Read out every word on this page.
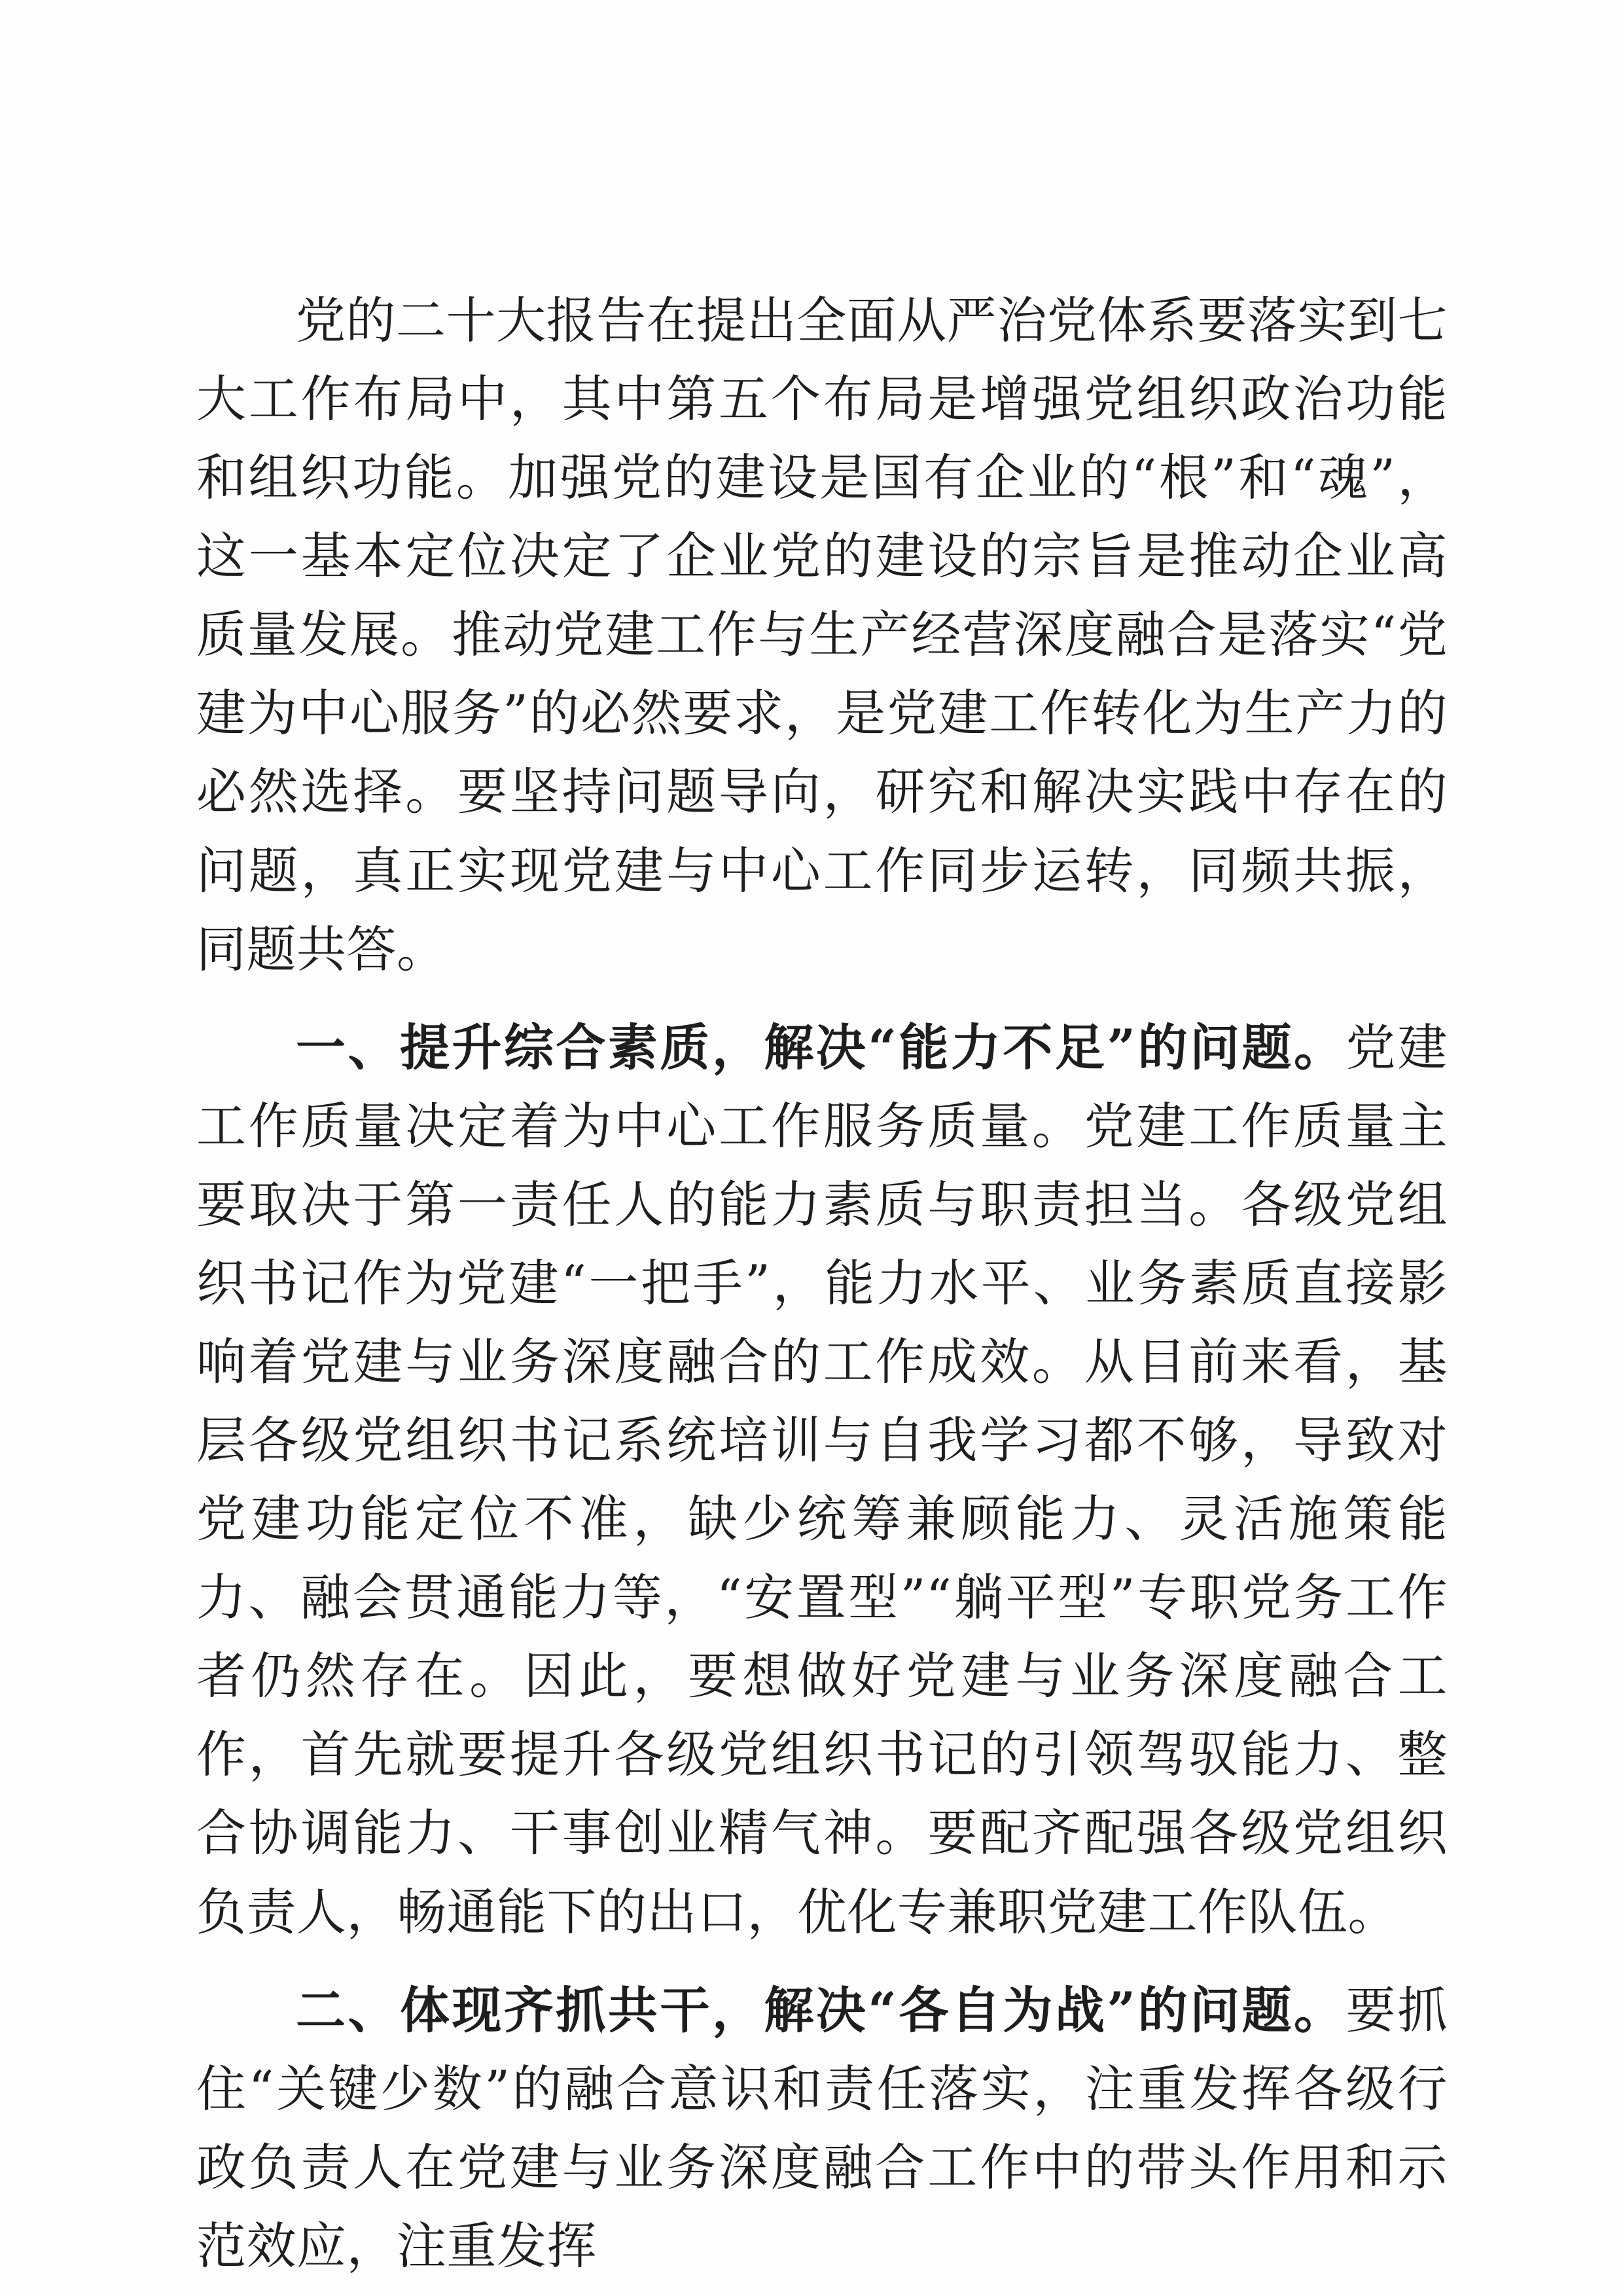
党的二十大报告在提出全面从严治党体系要落实到七大工作布局中，其中第五个布局是增强党组织政治功能和组织功能。加强党的建设是国有企业的“根”和“魂”，这一基本定位决定了企业党的建设的宗旨是推动企业高质量发展。推动党建工作与生产经营深度融合是落实“党建为中心服务”的必然要求，是党建工作转化为生产力的必然选择。要坚持问题导向，研究和解决实践中存在的问题，真正实现党建与中心工作同步运转，同频共振，同题共答。

一、提升综合素质，解决“能力不足”的问题。党建工作质量决定着为中心工作服务质量。党建工作质量主要取决于第一责任人的能力素质与职责担当。各级党组织书记作为党建“一把手”，能力水平、业务素质直接影响着党建与业务深度融合的工作成效。从目前来看，基层各级党组织书记系统培训与自我学习都不够，导致对党建功能定位不准，缺少统筹兼顾能力、灵活施策能力、融会贯通能力等，“安置型”“躺平型”专职党务工作者仍然存在。因此，要想做好党建与业务深度融合工作，首先就要提升各级党组织书记的引领驾驭能力、整合协调能力、干事创业精气神。要配齐配强各级党组织负责人，畅通能下的出口，优化专兼职党建工作队伍。

二、体现齐抓共干，解决“各自为战”的问题。要抓住“关键少数”的融合意识和责任落实，注重发挥各级行政负责人在党建与业务深度融合工作中的带头作用和示范效应，注重发挥
